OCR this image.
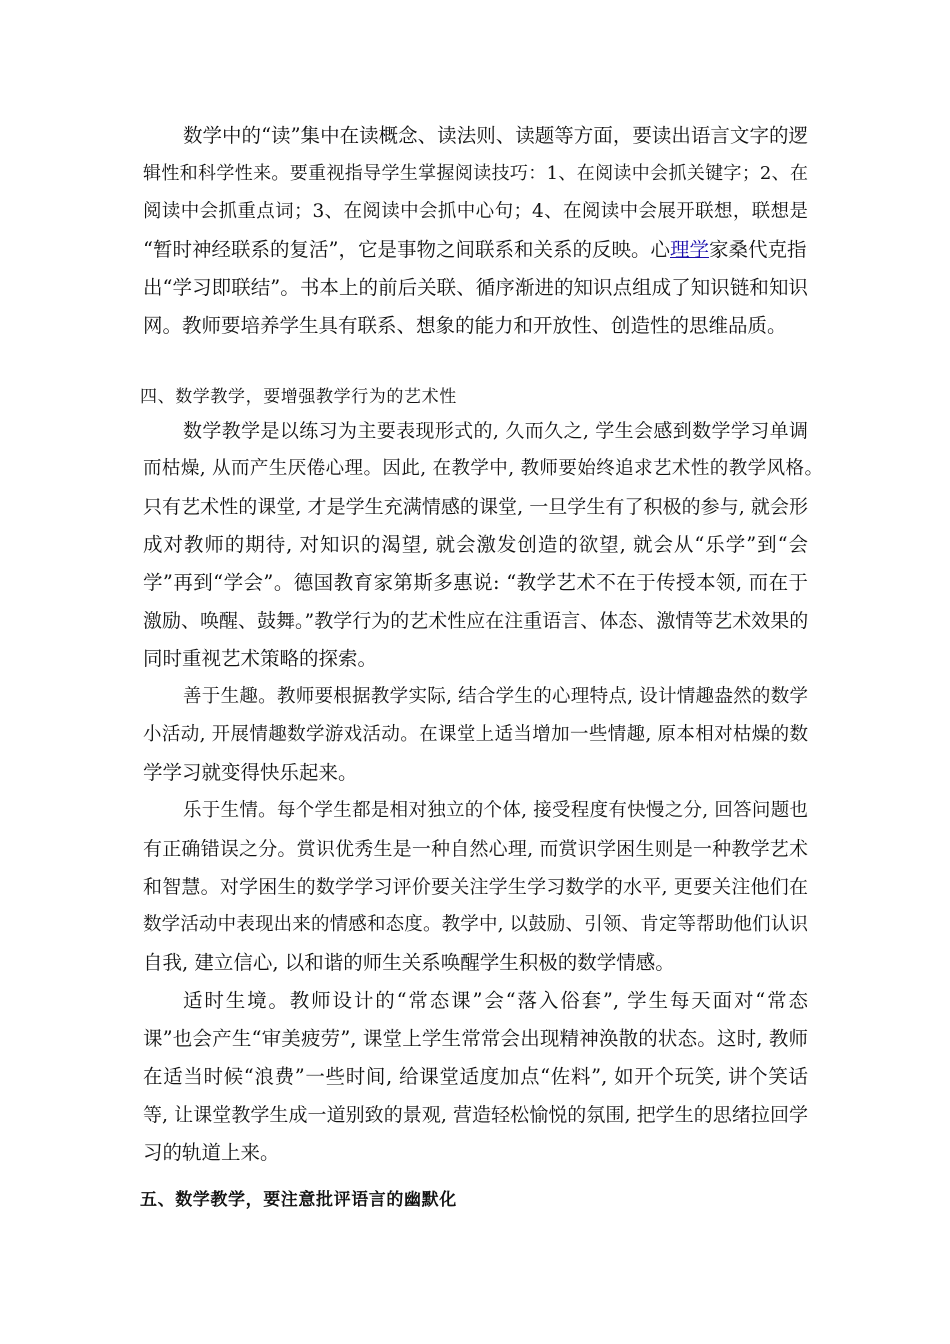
数学中的“读”集中在读概念、读法则、读题等方面，要读出语言文字的逻
辑性和科学性来。要重视指导学生掌握阅读技巧：1、在阅读中会抓关键字；2、在
阅读中会抓重点词；3、在阅读中会抓中心句；4、在阅读中会展开联想，联想是
“暂时神经联系的复活”，它是事物之间联系和关系的反映。心理学家桑代克指
出“学习即联结”。书本上的前后关联、循序渐进的知识点组成了知识链和知识
网。教师要培养学生具有联系、想象的能力和开放性、创造性的思维品质。
四、数学教学，要增强教学行为的艺术性
数学教学是以练习为主要表现形式的, 久而久之, 学生会感到数学学习单调
而枯燥, 从而产生厌倦心理。因此, 在教学中, 教师要始终追求艺术性的教学风格。
只有艺术性的课堂, 才是学生充满情感的课堂, 一旦学生有了积极的参与, 就会形
成对教师的期待, 对知识的渴望, 就会激发创造的欲望, 就会从“乐学”到“会
学”再到“学会”。德国教育家第斯多惠说: “教学艺术不在于传授本领, 而在于
激励、唤醒、鼓舞。”教学行为的艺术性应在注重语言、体态、激情等艺术效果的
同时重视艺术策略的探索。
善于生趣。教师要根据教学实际, 结合学生的心理特点, 设计情趣盎然的数学
小活动, 开展情趣数学游戏活动。在课堂上适当增加一些情趣, 原本相对枯燥的数
学学习就变得快乐起来。
乐于生情。每个学生都是相对独立的个体, 接受程度有快慢之分, 回答问题也
有正确错误之分。赏识优秀生是一种自然心理, 而赏识学困生则是一种教学艺术
和智慧。对学困生的数学学习评价要关注学生学习数学的水平, 更要关注他们在
数学活动中表现出来的情感和态度。教学中, 以鼓励、引领、肯定等帮助他们认识
自我, 建立信心, 以和谐的师生关系唤醒学生积极的数学情感。
适时生境。教师设计的“常态课”会“落入俗套”, 学生每天面对“常态
课”也会产生“审美疲劳”, 课堂上学生常常会出现精神涣散的状态。这时, 教师
在适当时候“浪费”一些时间, 给课堂适度加点“佐料”, 如开个玩笑, 讲个笑话
等, 让课堂教学生成一道别致的景观, 营造轻松愉悦的氛围, 把学生的思绪拉回学
习的轨道上来。
五、数学教学，要注意批评语言的幽默化
